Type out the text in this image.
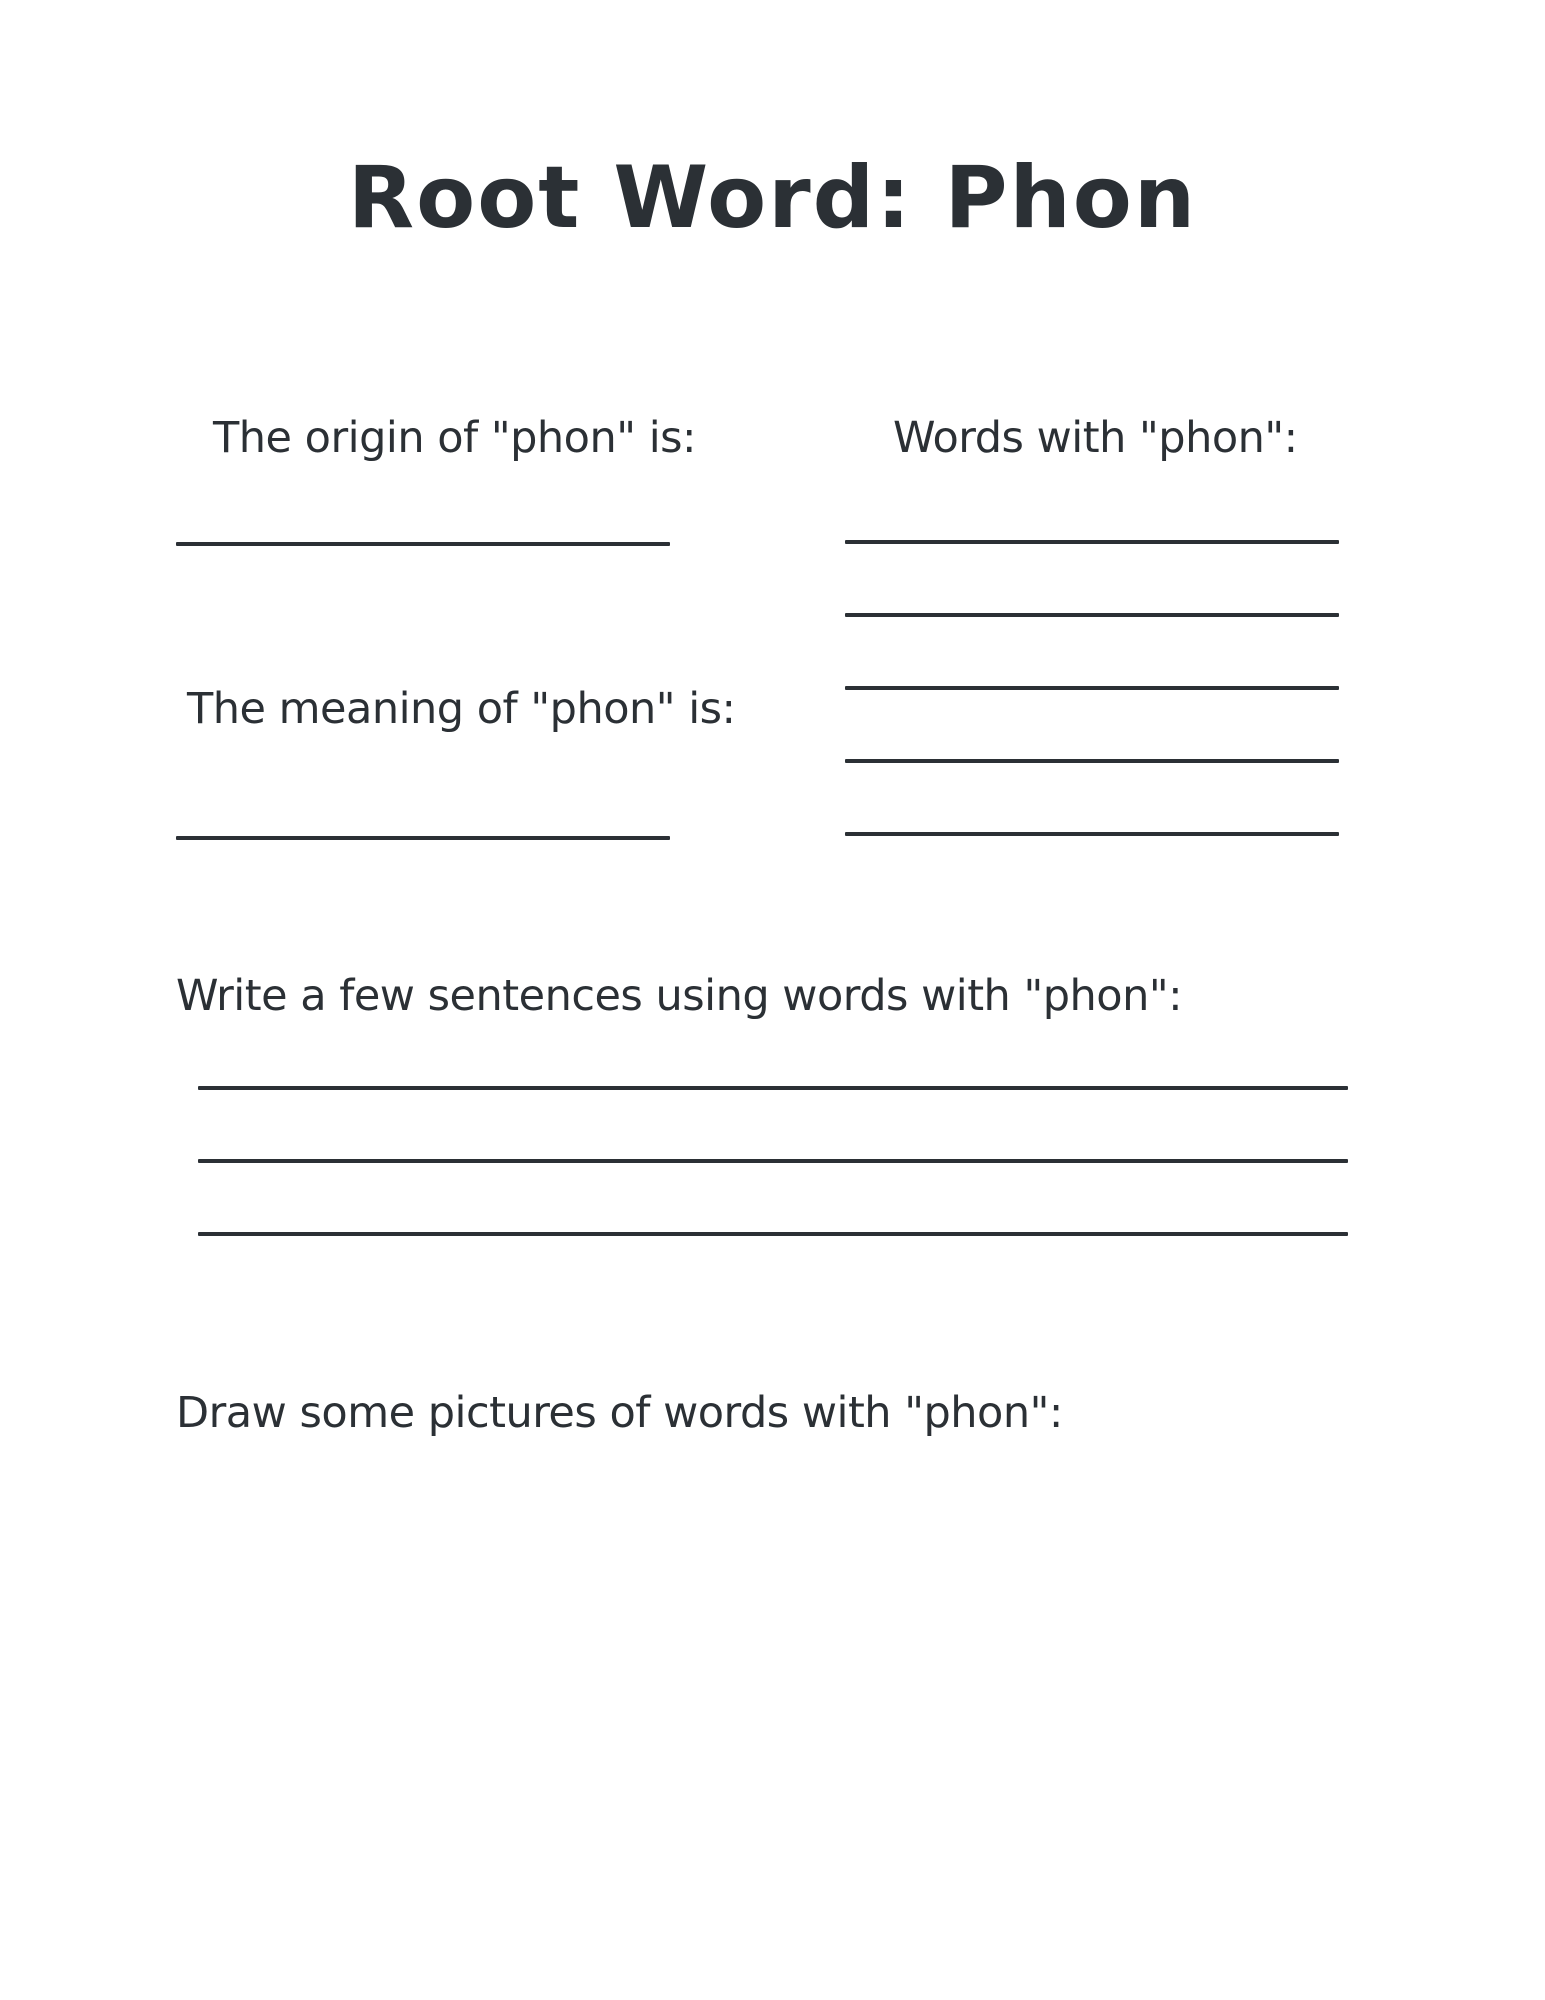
Root Word: Phon
The origin of "phon" is:
The meaning of "phon" is:
Words with "phon":
Write a few sentences using words with "phon":
Draw some pictures of words with "phon":
